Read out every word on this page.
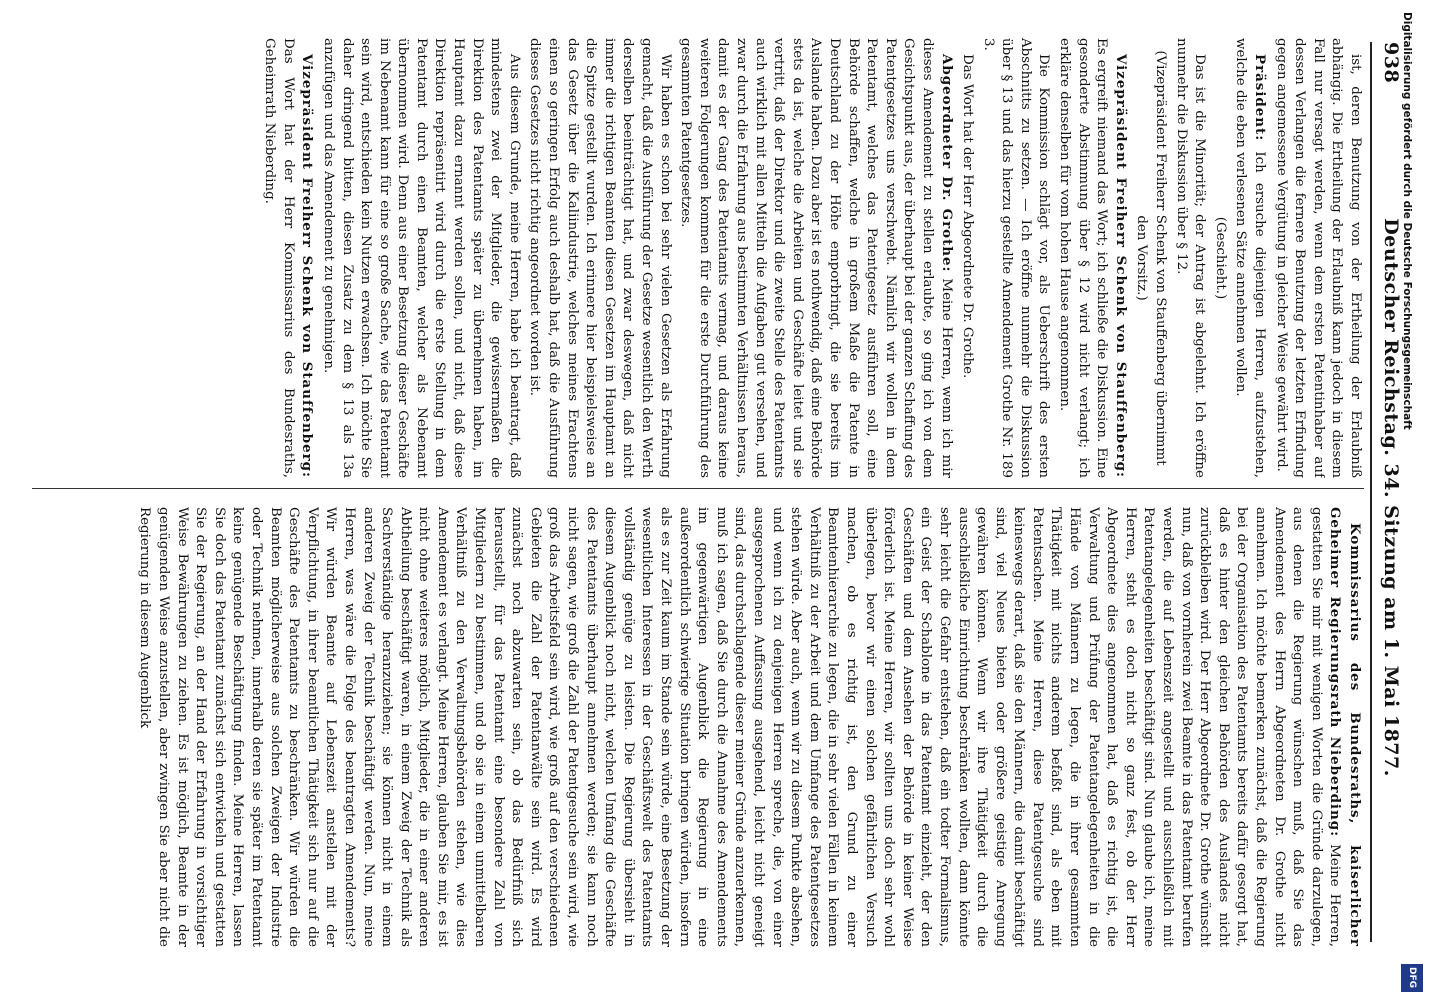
938
Deutscher Reichstag. 34. Sitzung am 1. Mai 1877.

ist, deren Benutzung von der Ertheilung der Erlaubniß abhängig. Die Ertheilung der Erlaubniß kann jedoch in diesem Fall nur versagt werden, wenn dem ersten Patentinhaber auf dessen Verlangen die fernere Benutzung der letzten Erfindung gegen angemessene Vergütung in gleicher Weise gewährt wird.

Präsident: Ich ersuche diejenigen Herren, aufzustehen, welche die eben verlesenen Sätze annehmen wollen.

(Geschieht.)

Das ist die Minorität; der Antrag ist abgelehnt. Ich eröffne nunmehr die Diskussion über § 12.

(Vizepräsident Freiherr Schenk von Stauffenberg übernimmt den Vorsitz.)

Vizepräsident Freiherr Schenk von Stauffenberg: Es ergreift niemand das Wort; ich schließe die Diskussion. Eine gesonderte Abstimmung über § 12 wird nicht verlangt; ich erkläre denselben für vom hohen Hause angenommen.

Die Kommission schlägt vor, als Ueberschrift des ersten Abschnitts zu setzen. — Ich eröffne nunmehr die Diskussion über § 13 und das hierzu gestellte Amendement Grothe Nr. 189 3.

Das Wort hat der Herr Abgeordnete Dr. Grothe.

Abgeordneter Dr. Grothe: Meine Herren, wenn ich mir dieses Amendement zu stellen erlaubte, so ging ich von dem Gesichtspunkt aus, der überhaupt bei der ganzen Schaffung des Patentgesetzes uns verschwebt. Nämlich wir wollen in dem Patentamt, welches das Patentgesetz ausführen soll, eine Behörde schaffen, welche in großem Maße die Patente in Deutschland zu der Höhe emporbringt, die sie bereits im Auslande haben. Dazu aber ist es nothwendig, daß eine Behörde stets da ist, welche die Arbeiten und Geschäfte leitet und sie vertritt, daß der Direktor und die zweite Stelle des Patentamts auch wirklich mit allen Mitteln die Aufgaben gut versehen, und zwar durch die Erfahrung aus bestimmten Verhältnissen heraus, damit es der Gang des Patentamts vermag, und daraus keine weiteren Folgerungen kommen für die erste Durchführung des gesammten Patentgesetzes.

Wir haben es schon bei sehr vielen Gesetzen als Erfahrung gemacht, daß die Ausführung der Gesetze wesentlich den Werth derselben beeinträchtigt hat, und zwar deswegen, daß nicht immer die richtigen Beamten diesen Gesetzen im Hauptamt an die Spitze gestellt wurden. Ich erinnere hier beispielsweise an das Gesetz über die Kaliindustrie, welches meines Erachtens einen so geringen Erfolg auch deshalb hat, daß die Ausführung dieses Gesetzes nicht richtig angeordnet worden ist.

Aus diesem Grunde, meine Herren, habe ich beantragt, daß mindestens zwei der Mitglieder, die gewissermaßen die Direktion des Patentamts später zu übernehmen haben, im Hauptamt dazu ernannt werden sollen, und nicht, daß diese Direktion repräsentirt wird durch die erste Stellung in dem Patentamt durch einen Beamten, welcher als Nebenamt übernommen wird. Denn aus einer Besetzung dieser Geschäfte im Nebenamt kann für eine so große Sache, wie das Patentamt sein wird, entschieden kein Nutzen erwachsen. Ich möchte Sie daher dringend bitten, diesen Zusatz zu dem § 13 als 13a anzufügen und das Amendement zu genehmigen.

Vizepräsident Freiherr Schenk von Stauffenberg: Das Wort hat der Herr Kommissarius des Bundesraths, Geheimrath Nieberding.

Kommissarius des Bundesraths, kaiserlicher Geheimer Regierungsrath Nieberding: Meine Herren, gestatten Sie mir mit wenigen Worten die Gründe darzulegen, aus denen die Regierung wünschen muß, daß Sie das Amendement des Herrn Abgeordneten Dr. Grothe nicht annehmen. Ich möchte bemerken zunächst, daß die Regierung bei der Organisation des Patentamts bereits dafür gesorgt hat, daß es hinter den gleichen Behörden des Auslandes nicht zurückbleiben wird. Der Herr Abgeordnete Dr. Grothe wünscht nun, daß von vornherein zwei Beamte in das Patentamt berufen werden, die auf Lebenszeit angestellt und ausschließlich mit Patentangelegenheiten beschäftigt sind. Nun glaube ich, meine Herren, steht es doch nicht so ganz fest, ob der Herr Abgeordnete dies angenommen hat, daß es richtig ist, die Verwaltung und Prüfung der Patentangelegenheiten in die Hände von Männern zu legen, die in ihrer gesammten Thätigkeit mit nichts anderem befaßt sind, als eben mit Patentsachen. Meine Herren, diese Patentgesuche sind keineswegs derart, daß sie den Männern, die damit beschäftigt sind, viel Neues bieten oder größere geistige Anregung gewähren können. Wenn wir ihre Thätigkeit durch die ausschließliche Einrichtung beschränken wollten, dann könnte sehr leicht die Gefahr entstehen, daß ein todter Formalismus, ein Geist der Schablone in das Patentamt einzieht, der den Geschäften und dem Ansehen der Behörde in keiner Weise förderlich ist. Meine Herren, wir sollten uns doch sehr wohl überlegen, bevor wir einen solchen gefährlichen Versuch machen, ob es richtig ist, den Grund zu einer Beamtenhierarchie zu legen, die in sehr vielen Fällen in keinem Verhältniß zu der Arbeit und dem Umfange des Patentgesetzes stehen würde. Aber auch, wenn wir zu diesem Punkte absehen, und wenn ich zu denjenigen Herren spreche, die, von einer ausgesprochenen Auffassung ausgehend, leicht nicht geneigt sind, das durchschlagende dieser meiner Gründe anzuerkennen, muß ich sagen, daß Sie durch die Annahme des Amendements im gegenwärtigen Augenblick die Regierung in eine außerordentlich schwierige Situation bringen würden, insofern als es zur Zeit kaum im Stande sein würde, eine Besetzung der wesentlichen Interessen in der Geschäftswelt des Patentamts vollständig genüge zu leisten. Die Regierung übersieht in diesem Augenblick noch nicht, welchen Umfang die Geschäfte des Patentamts überhaupt annehmen werden; sie kann noch nicht sagen, wie groß die Zahl der Patentgesuche sein wird, wie groß das Arbeitsfeld sein wird, wie groß auf den verschiedenen Gebieten die Zahl der Patentanwälte sein wird. Es wird zunächst noch abzuwarten sein, ob das Bedürfniß sich herausstellt, für das Patentamt eine besondere Zahl von Mitgliedern zu bestimmen, und ob sie in einem unmittelbaren Verhältniß zu den Verwaltungsbehörden stehen, wie dies Amendement es verlangt. Meine Herren, glauben Sie mir, es ist nicht ohne weiteres möglich, Mitglieder, die in einer anderen Abtheilung beschäftigt waren, in einem Zweig der Technik als Sachverständige heranzuziehen; sie können nicht in einem anderen Zweig der Technik beschäftigt werden. Nun, meine Herren, was wäre die Folge des beantragten Amendements? Wir würden Beamte auf Lebenszeit anstellen mit der Verpflichtung, in ihrer beamtlichen Thätigkeit sich nur auf die Geschäfte des Patentamts zu beschränken. Wir würden die Beamten möglicherweise aus solchen Zweigen der Industrie oder Technik nehmen, innerhalb deren sie später im Patentamt keine genügende Beschäftigung finden. Meine Herren, lassen Sie doch das Patentamt zunächst sich entwickeln und gestatten Sie der Regierung, an der Hand der Erfahrung in vorsichtiger Weise Bewährungen zu ziehen. Es ist möglich, Beamte in der genügenden Weise anzustellen, aber zwingen Sie aber nicht die Regierung in diesem Augenblick

Digitalisierung gefördert durch die Deutsche Forschungsgemeinschaft
DFG
